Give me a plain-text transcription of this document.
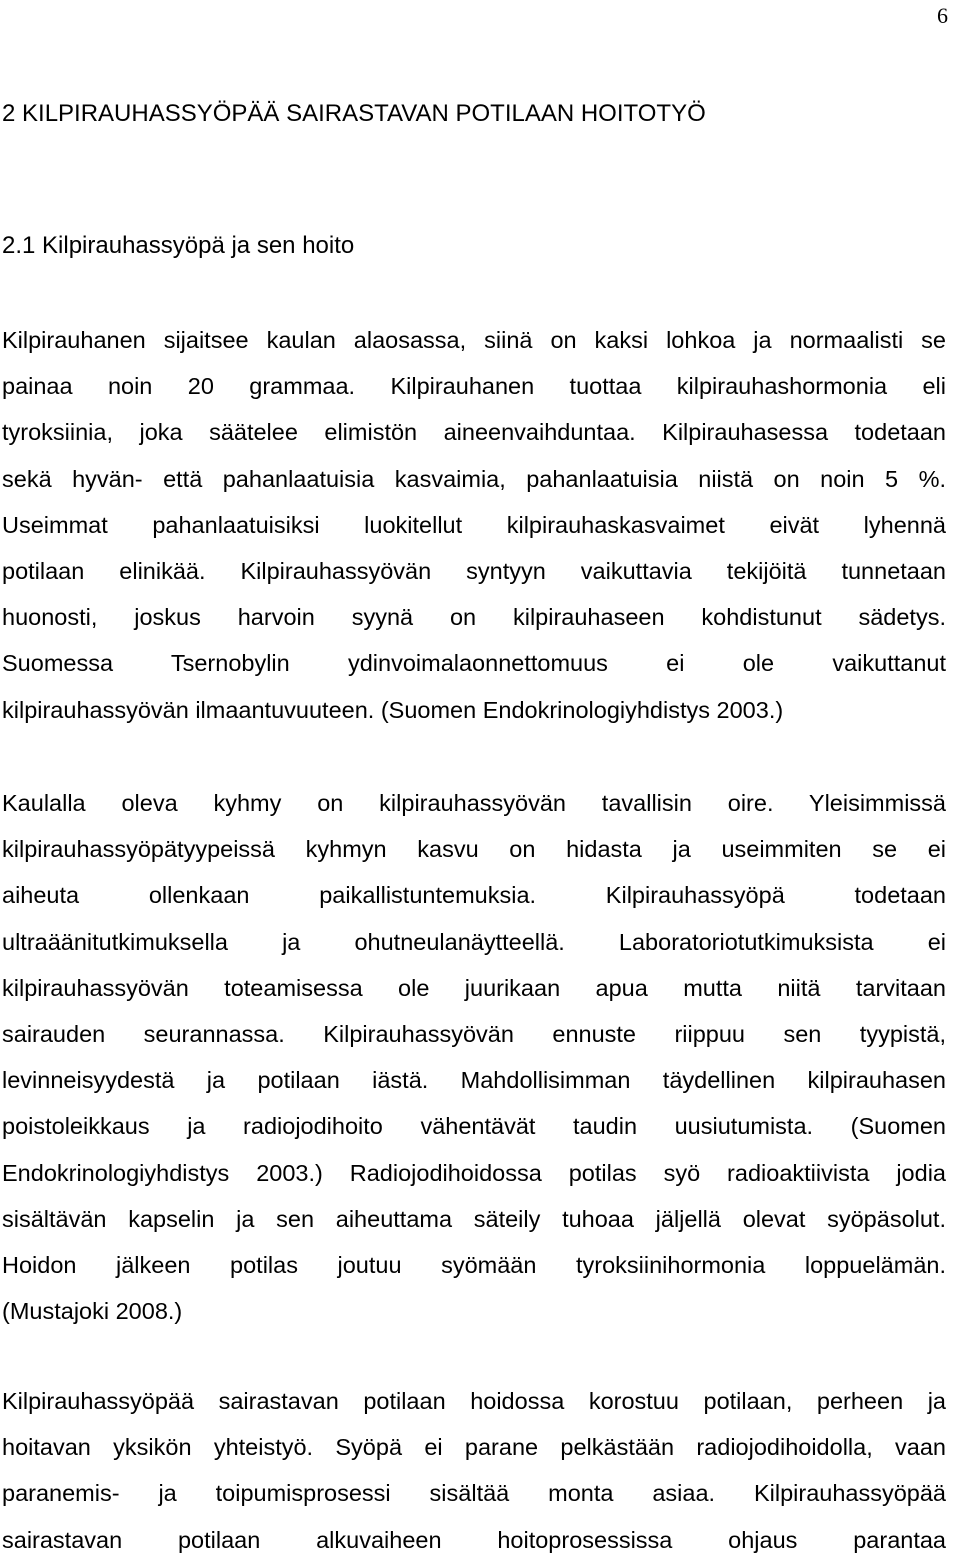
6
2 KILPIRAUHASSYÖPÄÄ SAIRASTAVAN POTILAAN HOITOTYÖ
2.1 Kilpirauhassyöpä ja sen hoito
Kilpirauhanen sijaitsee kaulan alaosassa, siinä on kaksi lohkoa ja normaalisti se
painaa noin 20 grammaa. Kilpirauhanen tuottaa kilpirauhashormonia eli
tyroksiinia, joka säätelee elimistön aineenvaihduntaa. Kilpirauhasessa todetaan
sekä hyvän- että pahanlaatuisia kasvaimia, pahanlaatuisia niistä on noin 5 %.
Useimmat pahanlaatuisiksi luokitellut kilpirauhaskasvaimet eivät lyhennä
potilaan elinikää. Kilpirauhassyövän syntyyn vaikuttavia tekijöitä tunnetaan
huonosti, joskus harvoin syynä on kilpirauhaseen kohdistunut sädetys.
Suomessa Tsernobylin ydinvoimalaonnettomuus ei ole vaikuttanut
kilpirauhassyövän ilmaantuvuuteen. (Suomen Endokrinologiyhdistys 2003.)
Kaulalla oleva kyhmy on kilpirauhassyövän tavallisin oire. Yleisimmissä
kilpirauhassyöpätyypeissä kyhmyn kasvu on hidasta ja useimmiten se ei
aiheuta ollenkaan paikallistuntemuksia. Kilpirauhassyöpä todetaan
ultraäänitutkimuksella ja ohutneulanäytteellä. Laboratoriotutkimuksista ei
kilpirauhassyövän toteamisessa ole juurikaan apua mutta niitä tarvitaan
sairauden seurannassa. Kilpirauhassyövän ennuste riippuu sen tyypistä,
levinneisyydestä ja potilaan iästä. Mahdollisimman täydellinen kilpirauhasen
poistoleikkaus ja radiojodihoito vähentävät taudin uusiutumista. (Suomen
Endokrinologiyhdistys 2003.) Radiojodihoidossa potilas syö radioaktiivista jodia
sisältävän kapselin ja sen aiheuttama säteily tuhoaa jäljellä olevat syöpäsolut.
Hoidon jälkeen potilas joutuu syömään tyroksiinihormonia loppuelämän.
(Mustajoki 2008.)
Kilpirauhassyöpää sairastavan potilaan hoidossa korostuu potilaan, perheen ja
hoitavan yksikön yhteistyö. Syöpä ei parane pelkästään radiojodihoidolla, vaan
paranemis- ja toipumisprosessi sisältää monta asiaa. Kilpirauhassyöpää
sairastavan potilaan alkuvaiheen hoitoprosessissa ohjaus parantaa
